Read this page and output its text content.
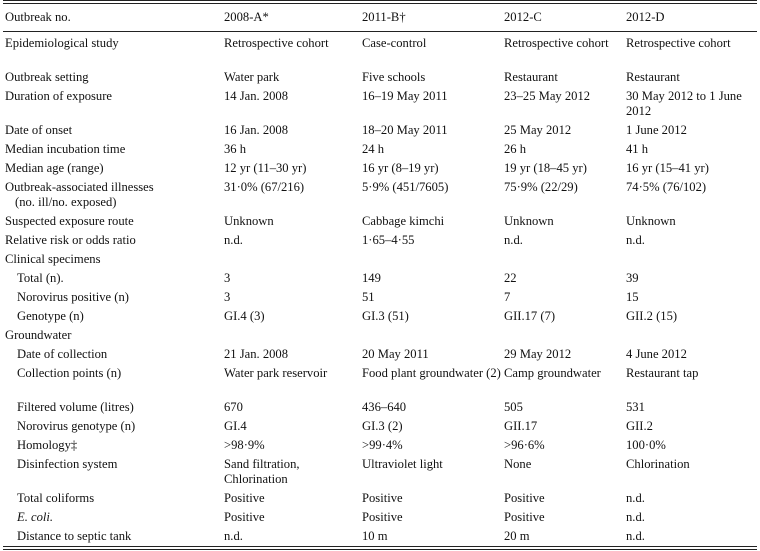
Outbreak no.	2008-A*	2011-B†	2012-C	2012-D

Epidemiological study	Retrospective cohort	Case-control	Retrospective cohort	Retrospective cohort
Outbreak setting	Water park	Five schools	Restaurant	Restaurant
Duration of exposure	14 Jan. 2008	16–19 May 2011	23–25 May 2012	30 May 2012 to 1 June 2012
Date of onset	16 Jan. 2008	18–20 May 2011	25 May 2012	1 June 2012
Median incubation time	36 h	24 h	26 h	41 h
Median age (range)	12 yr (11–30 yr)	16 yr (8–19 yr)	19 yr (18–45 yr)	16 yr (15–41 yr)
Outbreak-associated illnesses
(no. ill/no. exposed)	31·0% (67/216)	5·9% (451/7605)	75·9% (22/29)	74·5% (76/102)
Suspected exposure route	Unknown	Cabbage kimchi	Unknown	Unknown
Relative risk or odds ratio	n.d.	1·65–4·55	n.d.	n.d.
Clinical specimens				
Total (n).	3	149	22	39
Norovirus positive (n)	3	51	7	15
Genotype (n)	GI.4 (3)	GI.3 (51)	GII.17 (7)	GII.2 (15)
Groundwater				
Date of collection	21 Jan. 2008	20 May 2011	29 May 2012	4 June 2012
Collection points (n)	Water park reservoir	Food plant groundwater (2)	Camp groundwater	Restaurant tap
Filtered volume (litres)	670	436–640	505	531
Norovirus genotype (n)	GI.4	GI.3 (2)	GII.17	GII.2
Homology‡	>98·9%	>99·4%	>96·6%	100·0%
Disinfection system	Sand filtration, Chlorination	Ultraviolet light	None	Chlorination
Total coliforms	Positive	Positive	Positive	n.d.
E. coli.	Positive	Positive	Positive	n.d.
Distance to septic tank	n.d.	10 m	20 m	n.d.
